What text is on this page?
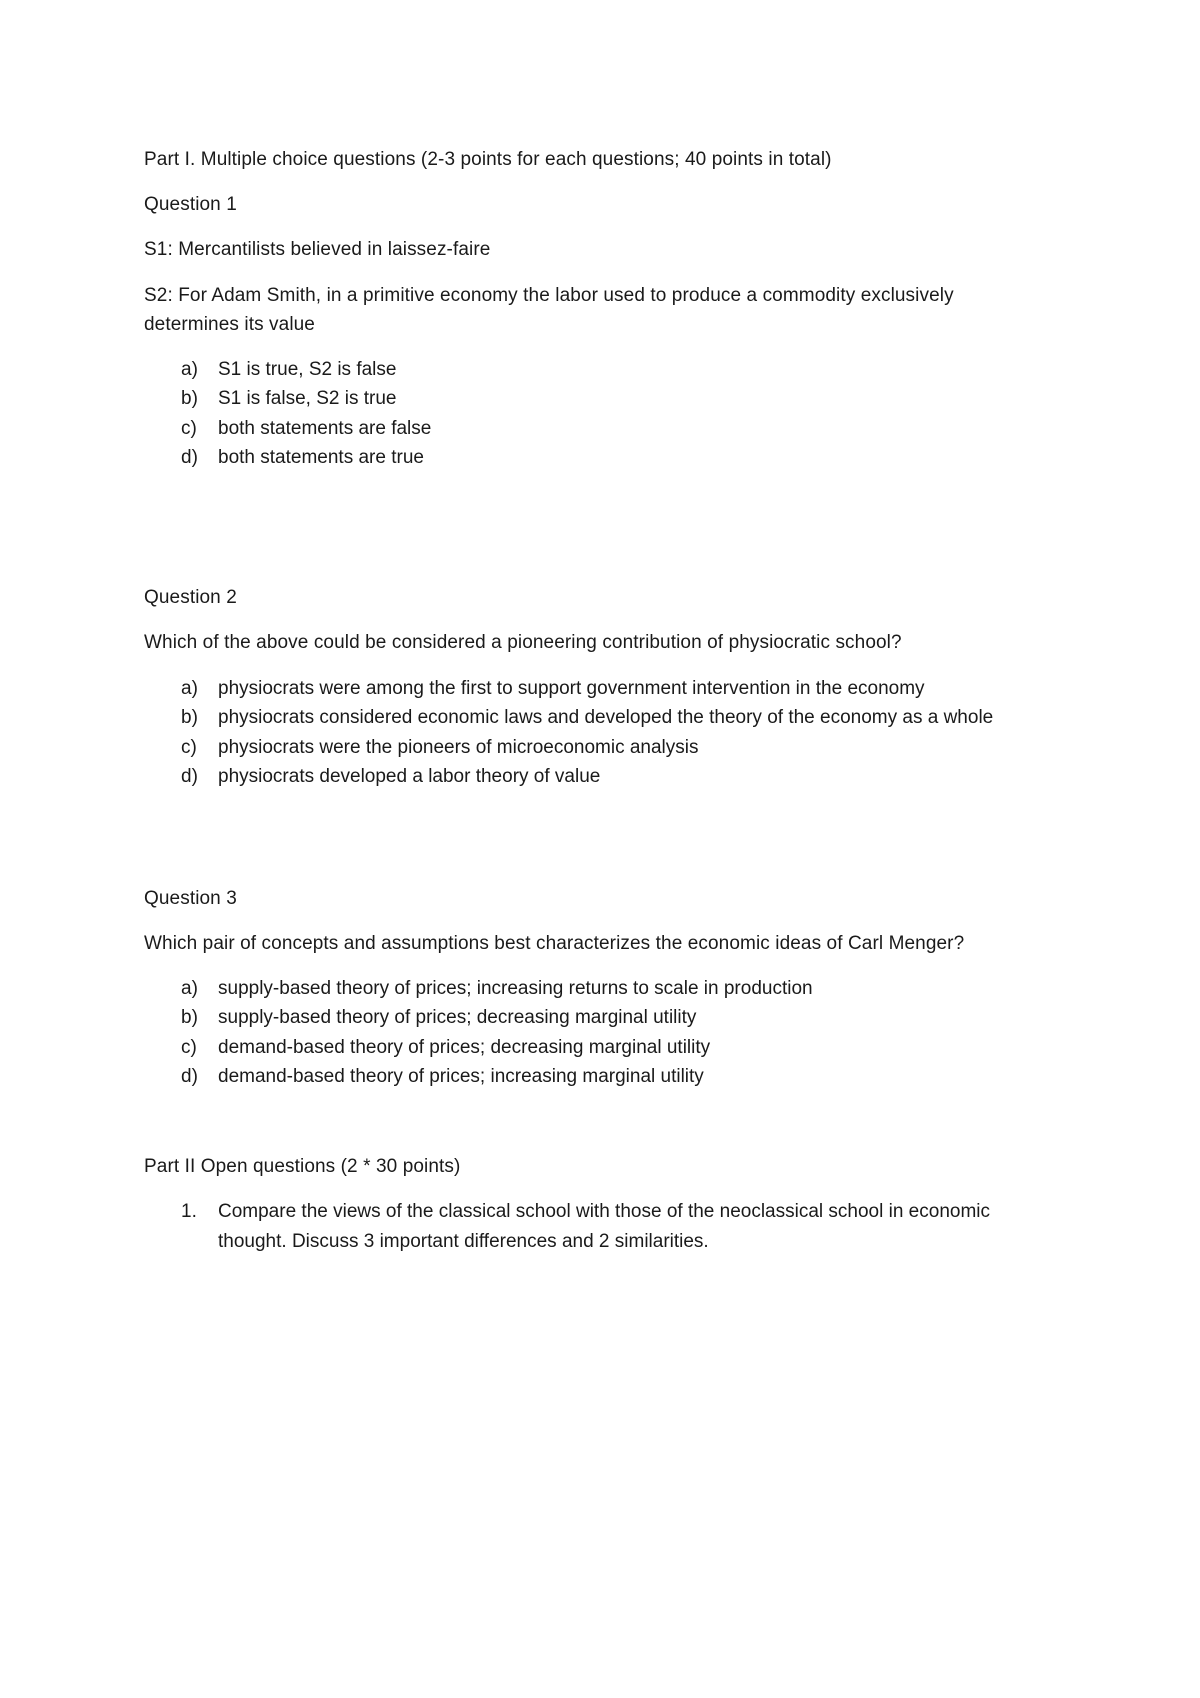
Part I. Multiple choice questions (2-3 points for each questions; 40 points in total)
Question 1
S1: Mercantilists believed in laissez-faire
S2: For Adam Smith, in a primitive economy the labor used to produce a commodity exclusively
determines its value
a) S1 is true, S2 is false
b) S1 is false, S2 is true
c) both statements are false
d) both statements are true
Question 2
Which of the above could be considered a pioneering contribution of physiocratic school?
a) physiocrats were among the first to support government intervention in the economy
b) physiocrats considered economic laws and developed the theory of the economy as a whole
c) physiocrats were the pioneers of microeconomic analysis
d) physiocrats developed a labor theory of value
Question 3
Which pair of concepts and assumptions best characterizes the economic ideas of Carl Menger?
a) supply-based theory of prices; increasing returns to scale in production
b) supply-based theory of prices; decreasing marginal utility
c) demand-based theory of prices; decreasing marginal utility
d) demand-based theory of prices; increasing marginal utility
Part II Open questions (2 * 30 points)
1. Compare the views of the classical school with those of the neoclassical school in economic
thought. Discuss 3 important differences and 2 similarities.
